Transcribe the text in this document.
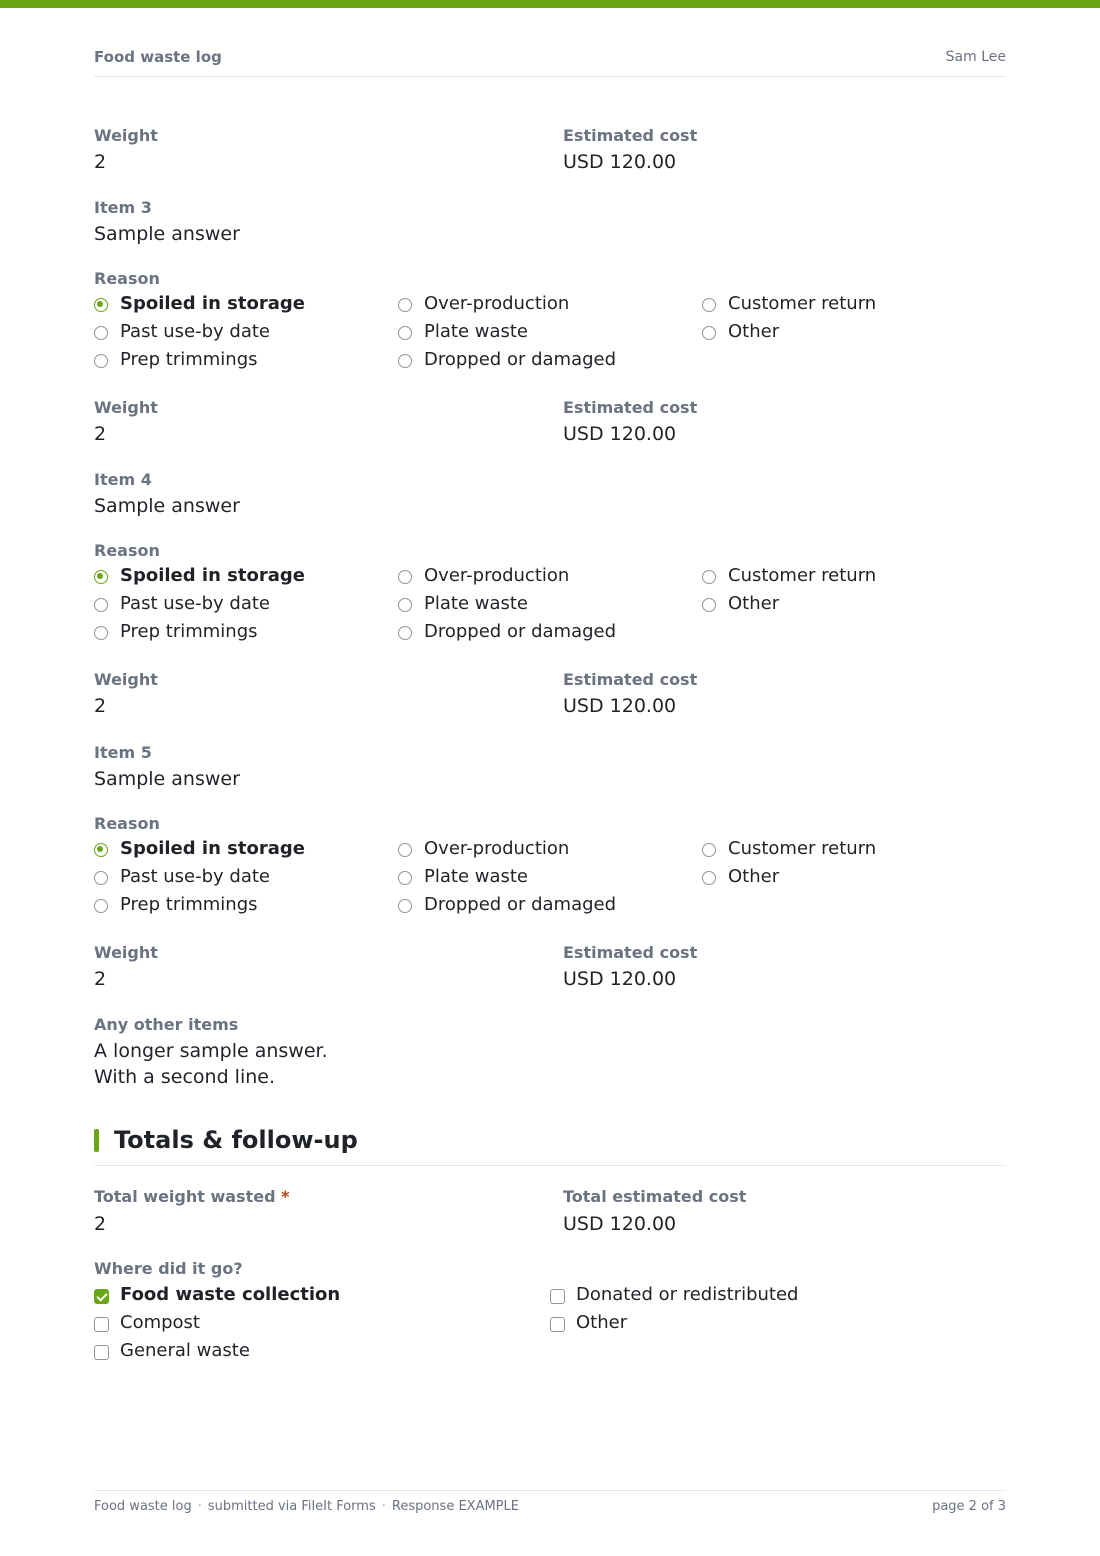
Food waste log	Sam Lee
Weight
2
Estimated cost
USD 120.00
Item 3
Sample answer
Reason
Spoiled in storage	Over-production	Customer return
Past use-by date	Plate waste	Other
Prep trimmings	Dropped or damaged
Weight
2
Estimated cost
USD 120.00
Item 4
Sample answer
Reason
Spoiled in storage	Over-production	Customer return
Past use-by date	Plate waste	Other
Prep trimmings	Dropped or damaged
Weight
2
Estimated cost
USD 120.00
Item 5
Sample answer
Reason
Spoiled in storage	Over-production	Customer return
Past use-by date	Plate waste	Other
Prep trimmings	Dropped or damaged
Weight
2
Estimated cost
USD 120.00
Any other items
A longer sample answer.
With a second line.
Totals & follow-up
Total weight wasted *
2
Total estimated cost
USD 120.00
Where did it go?
Food waste collection	Donated or redistributed
Compost	Other
General waste
Food waste log · submitted via FileIt Forms · Response EXAMPLE	page 2 of 3
